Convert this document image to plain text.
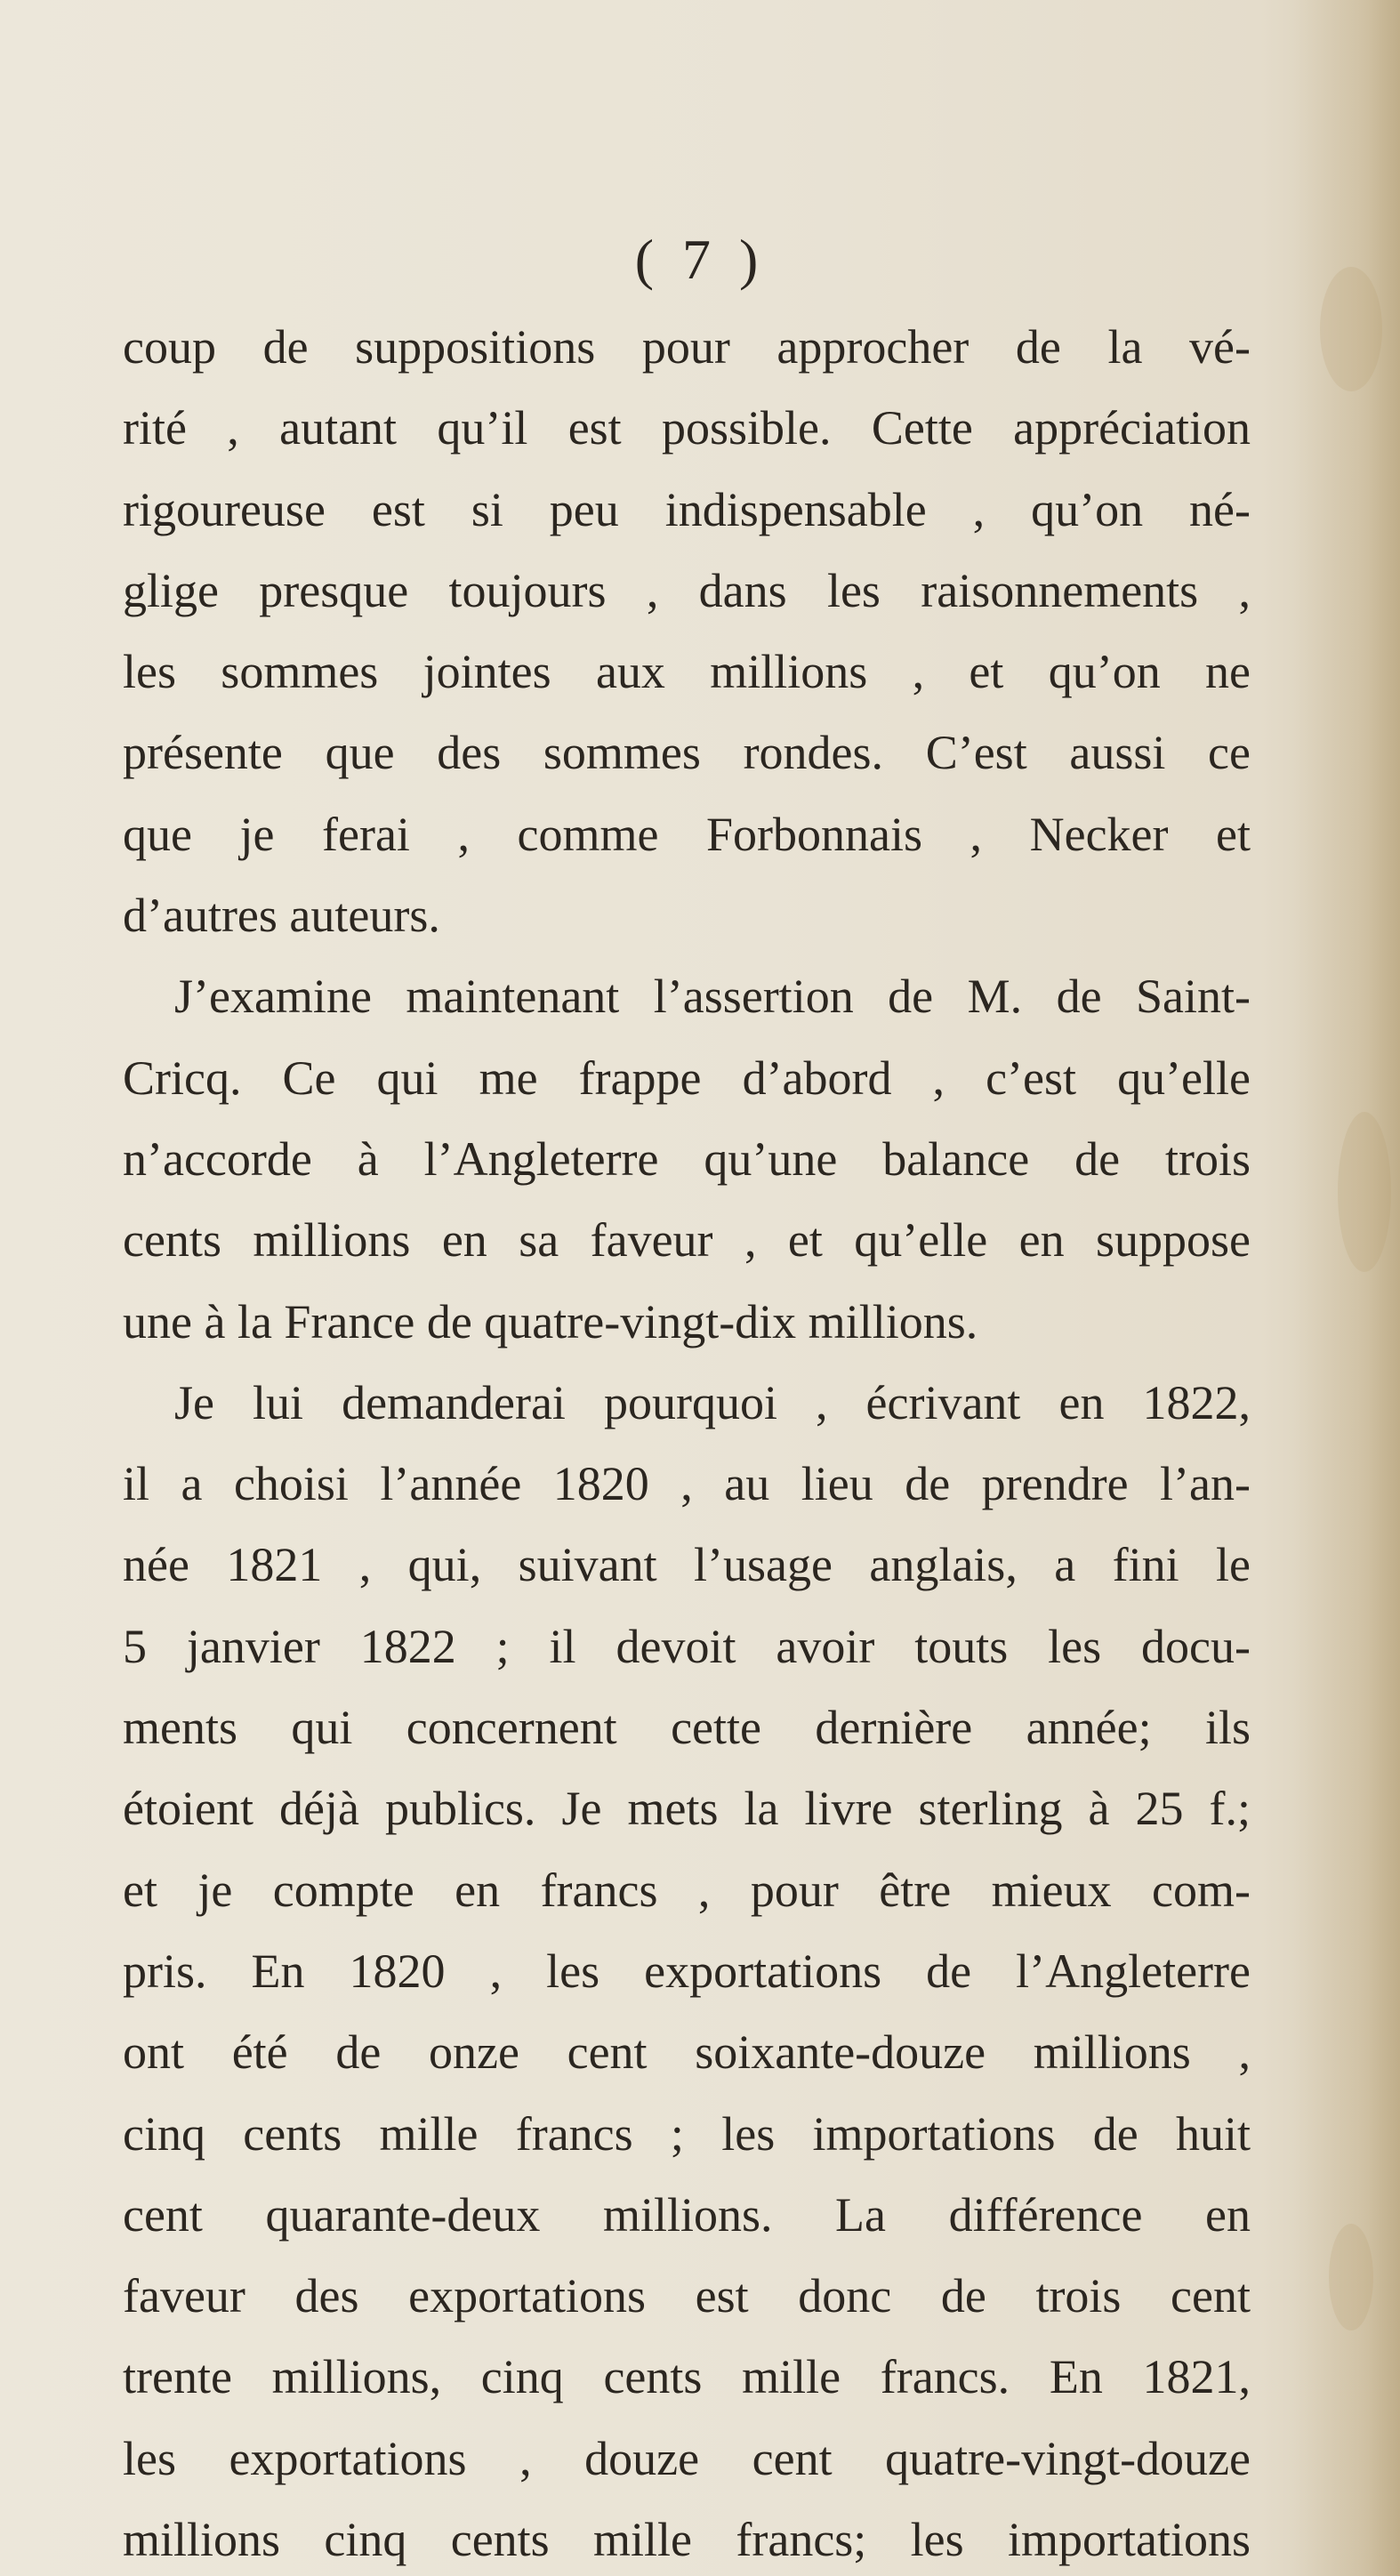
( 7 )
coup de suppositions pour approcher de la vé-
rité , autant qu’il est possible. Cette appréciation
rigoureuse est si peu indispensable , qu’on né-
glige presque toujours , dans les raisonnements ,
les sommes jointes aux millions , et qu’on ne
présente que des sommes rondes. C’est aussi ce
que je ferai , comme Forbonnais , Necker et
d’autres auteurs.
J’examine maintenant l’assertion de M. de Saint-
Cricq. Ce qui me frappe d’abord , c’est qu’elle
n’accorde à l’Angleterre qu’une balance de trois
cents millions en sa faveur , et qu’elle en suppose
une à la France de quatre-vingt-dix millions.
Je lui demanderai pourquoi , écrivant en 1822,
il a choisi l’année 1820 , au lieu de prendre l’an-
née 1821 , qui, suivant l’usage anglais, a fini le
5 janvier 1822 ; il devoit avoir touts les docu-
ments qui concernent cette dernière année; ils
étoient déjà publics. Je mets la livre sterling à 25 f.;
et je compte en francs , pour être mieux com-
pris. En 1820 , les exportations de l’Angleterre
ont été de onze cent soixante-douze millions ,
cinq cents mille francs ; les importations de huit
cent quarante-deux millions. La différence en
faveur des exportations est donc de trois cent
trente millions, cinq cents mille francs. En 1821,
les exportations , douze cent quatre-vingt-douze
millions cinq cents mille francs; les importations
